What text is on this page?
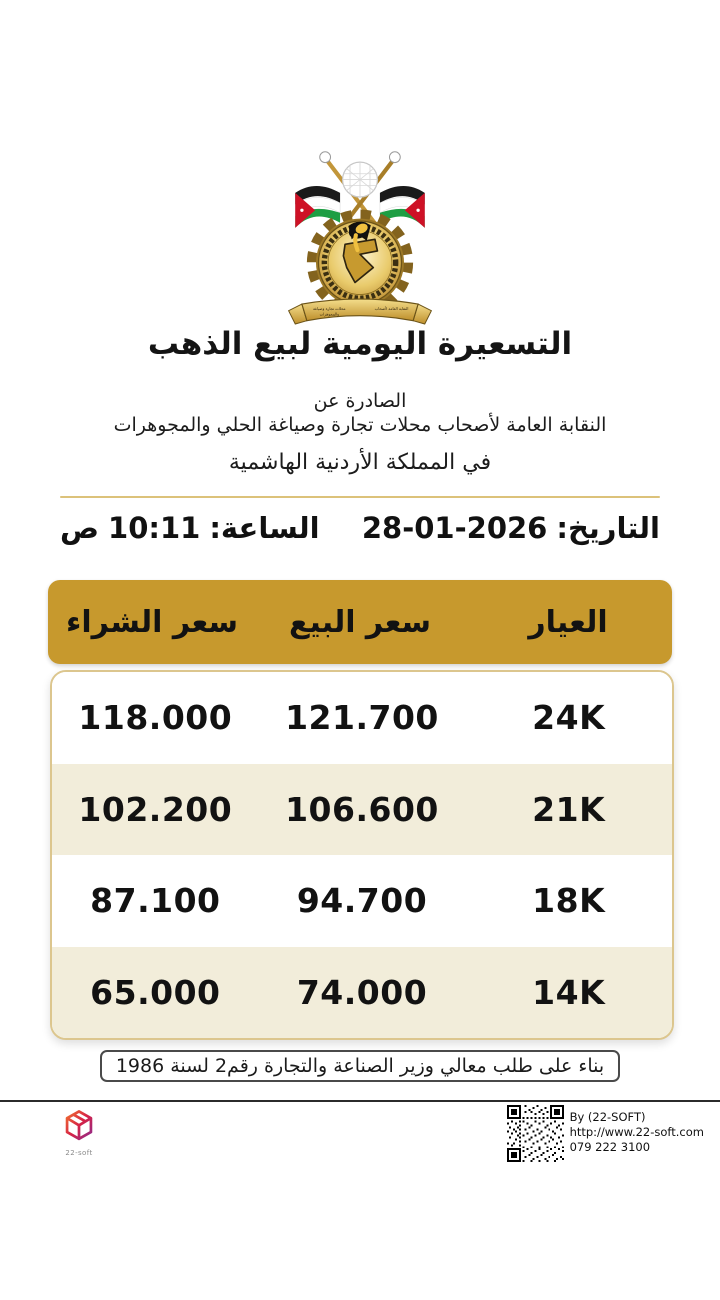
النقابة العامة لأصحاب
محلات تجارة وصياغة
والمجوهرات
التسعيرة اليومية لبيع الذهب
الصادرة عن
النقابة العامة لأصحاب محلات تجارة وصياغة الحلي والمجوهرات
في المملكة الأردنية الهاشمية
التاريخ:
28-01-2026
الساعة:
10:11
ص
العيار
سعر البيع
سعر الشراء
24K
121.700
118.000
21K
106.600
102.200
18K
94.700
87.100
14K
74.000
65.000
بناء على طلب معالي وزير الصناعة والتجارة رقم2 لسنة 1986
22-soft
By (22-SOFT)
http://www.22-soft.com
079 222 3100
